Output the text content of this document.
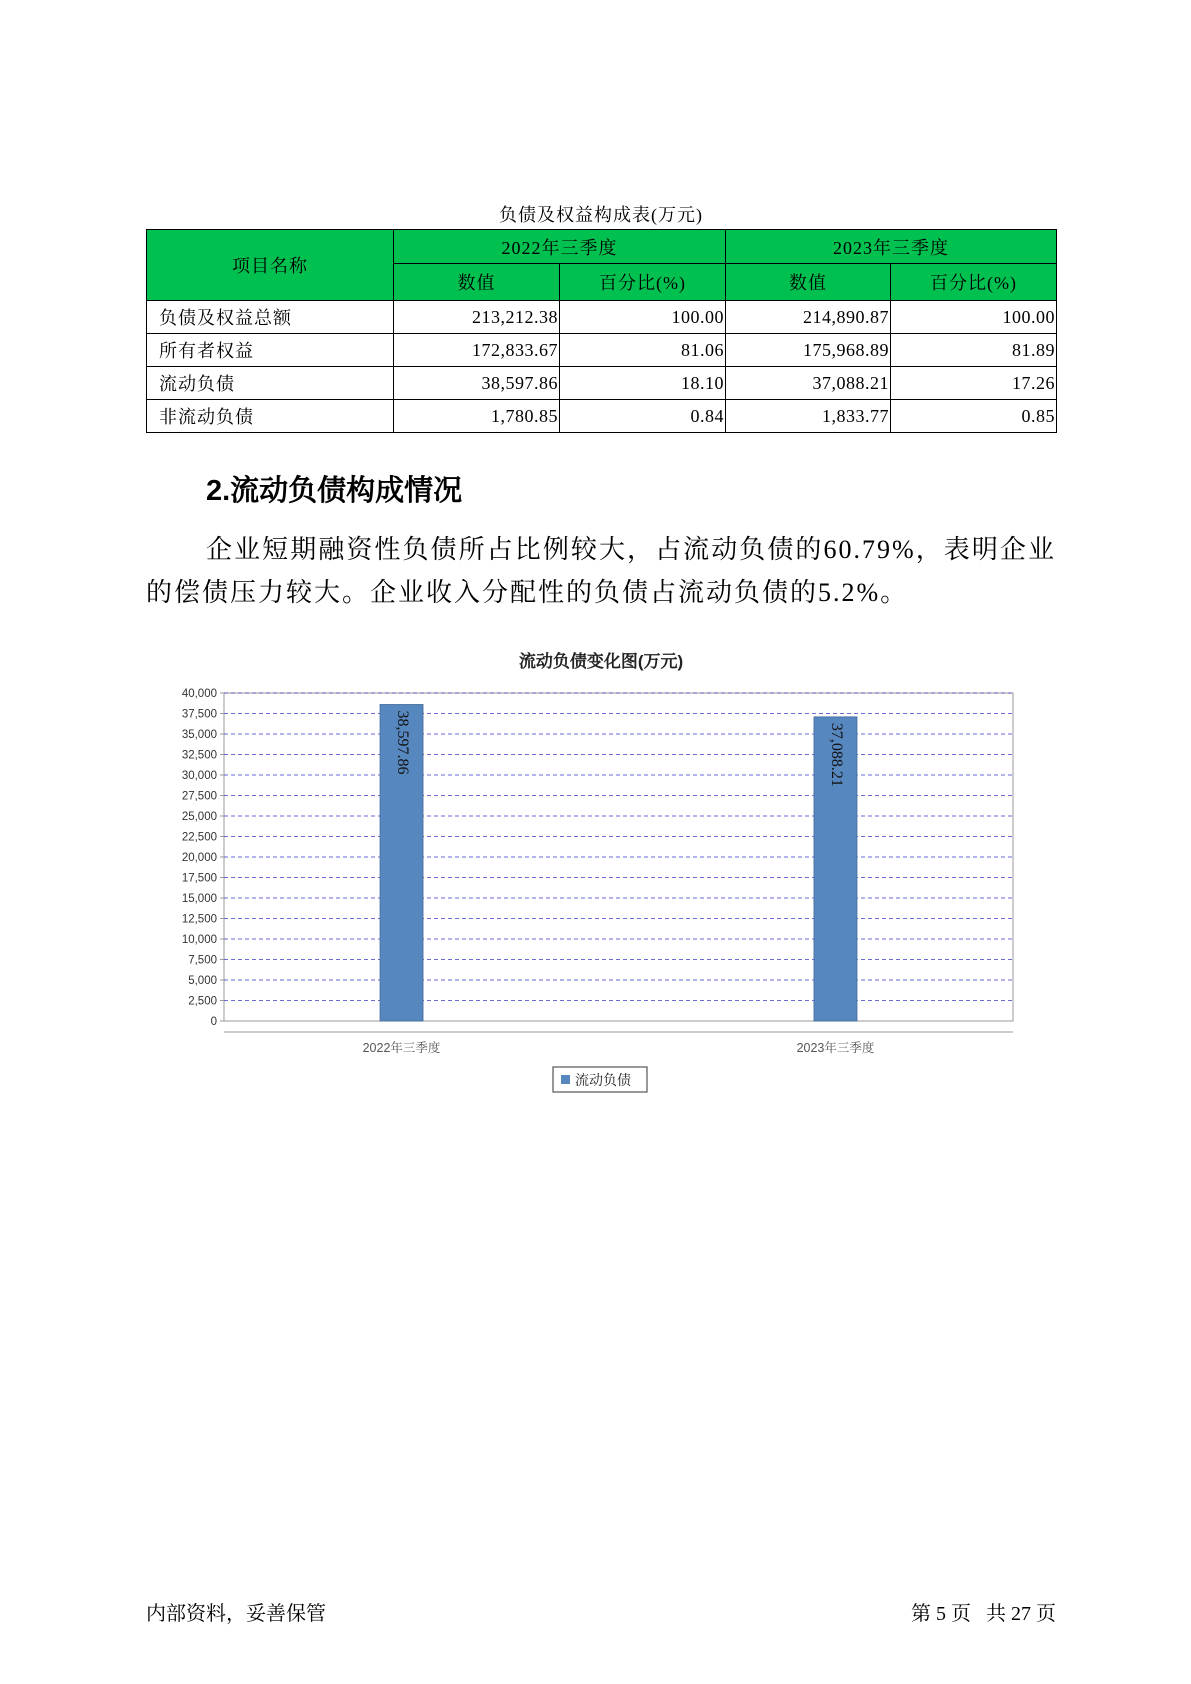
负债及权益构成表(万元)
项目名称	2022年三季度		2023年三季度	
	数值	百分比(%)	数值	百分比(%)
负债及权益总额	213,212.38	100.00	214,890.87	100.00
所有者权益	172,833.67	81.06	175,968.89	81.89
流动负债	38,597.86	18.10	37,088.21	17.26
非流动负债	1,780.85	0.84	1,833.77	0.85
2.流动负债构成情况
企业短期融资性负债所占比例较大，占流动负债的60.79%，表明企业
的偿债压力较大。企业收入分配性的负债占流动负债的5.2%。
流动负债变化图(万元)
0
2,500
5,000
7,500
10,000
12,500
15,000
17,500
20,000
22,500
25,000
27,500
30,000
32,500
35,000
37,500
40,000
38,597.86	37,088.21
2022年三季度	2023年三季度
流动负债
内部资料，妥善保管	第 5 页   共 27 页
